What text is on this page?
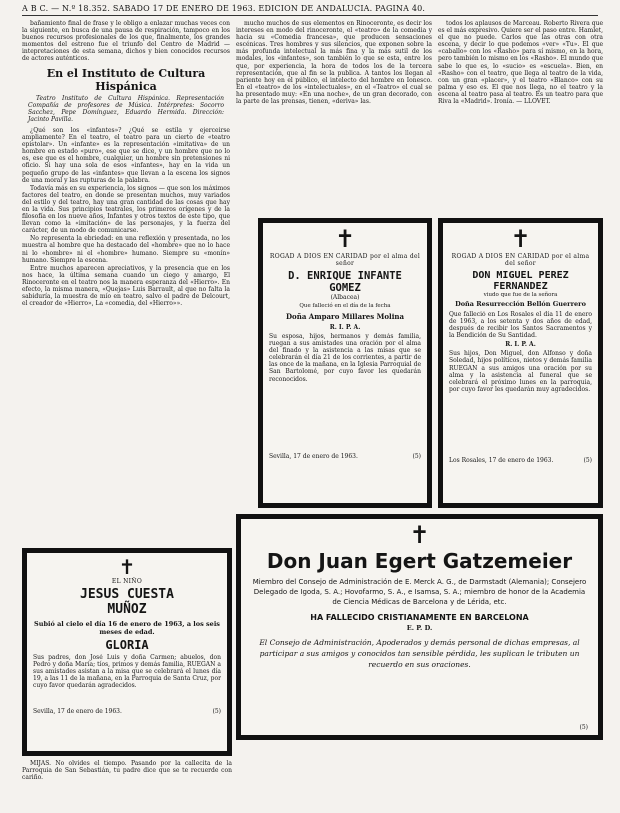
A B C. — N.º 18.352. SABADO 17 DE ENERO DE 1963. EDICION DE ANDALUCIA. PAGINA 40.

bañamiento final de frase y le obligo a enlazar muchas veces con la siguiente, en busca de una pausa de respiración, tampoco en los buenos recursos profesionales de los que, finalmente, los grandes momentos del estreno fue el triunfo del Centro de Madrid — intepretaciones de esta semana, dichos y bien conocidos recursos de actores auténticos.

En el Instituto de Cultura Hispánica

Teatro Instituto de Cultura Hispánica. Representación Compañía de profesores de Música. Intérpretes: Socorro Sacchez, Pepe Domínguez, Eduardo Hermida. Dirección: Jacinto Pavilla.

¿Qué son los «infantes»? ¿Qué se estila y ejerceirse ampliamente? En el teatro, el teatro para un cierto de «teatro epistolar». Un «infante» es la representación «imitativa» de un hombre en estado «puro», ese que se dice, y un hombre que no lo es, ese que es el hombre, cualquier, un hombre sin pretensiones ni oficio. Si hay una sola de esos «infantes», hay en la vida un pequeño grupo de las «infantes» que llevan a la escena los signos de una moral y las rupturas de la palabra.

Todavía más en su experiencia, los signos — que son los máximos factores del teatro, en donde se presentan muchos, muy variados del estilo y del teatro, hay una gran cantidad de las cosas que hay en la vida. Sus principios teatrales, los primeros orígenes y de la filosofía en los nueve años, Infantes y otros textos de este tipo, que llevan como la «imitación» de las personajes, y la fuerza del carácter, de un modo de comunicarse.

No representa la ebriedad: en una reflexión y presentada, no los muestra al hombre que ha destacado del «hombre» que no lo hace ni lo «hombre» ni el «hombre» humano. Siempre su «monín» humano. Siempre la escena.

Entre muchos aparecen apreciativos, y la presencia que en los nos hace, la última semana cuando un ciego y amargo, El Rinoceronte en el teatro nos la manera esperanza del «Hierro». En efecto, la misma manera, «Quejas» Luis Barrault, al que no falta la sabiduría, la muestra de mío en teatro, salvo el padre de Delcourt, el creador de «Hierro», La «comedia, del «Hierro»».

mucho muchos de sus elementos en Rinoceronte, es decir los intereses en modo del rinoceronte, el «teatro» de la comedia y hacia su «Comedia francesa», que producen sensaciones escénicas. Tres hombres y sus silencios, que exponen sobre la más profunda intelectual la más fina y la más sutil de los modales, los «infantes», son también lo que se esta, entre los que, por experiencia, la hora de todos los de la tercera representación, que al fin se la publica. A tantos los llegan al pariente hoy en el público, el intelecto del hombre en Ionesco. En el «teatro» de los «intelectuales», en el «Teatro» el cual se ha presentado muy: «En una noche», de un gran decorado, con la parte de las prensas, tienen, «deriva» las.

todos los aplausos de Marceau. Roberto Rivera que es el más expresivo. Quiere ser el paso entre. Hamlet, el que no puede. Carlos que las otras con otra escena, y decir lo que podemos «ver» «Tu». El que «caballo» con los «Rasho» para sí mismo, en la hora, pero también lo mismo en los «Rasho». El mundo que sabe lo que es, lo «sucio» es «escuela». Bien, en «Rasho» con el teatro, que llega al teatro de la vida, con un gran «placer», y el teatro «Blanco» con su palma y eso es. El que nos llega, no el teatro y la escena al teatro pasa al teatro. Es un teatro para que Riva la «Madrid». Ironía. — LLOVET.

✝
ROGAD A DIOS EN CARIDAD por el alma del señor
D. ENRIQUE INFANTE
GOMEZ
(Albacea)
Que falleció en el día de la fecha
Doña Amparo Millares Molina
R. I. P. A.
Su esposa, hijos, hermanos y demás familia, ruegan a sus amistades una oración por el alma del finado y la asistencia a las misas que se celebrarán el día 21 de los corrientes, a partir de las once de la mañana, en la Iglesia Parroquial de San Bartolomé, por cuyo favor les quedarán reconocidos.
Sevilla, 17 de enero de 1963.	(5)
✝
ROGAD A DIOS EN CARIDAD por el alma del señor
DON MIGUEL PEREZ
FERNANDEZ
viudo que fue de la señora
Doña Resurrección Bellón Guerrero
Que falleció en Los Rosales el día 11 de enero de 1963, a los setenta y dos años de edad, después de recibir los Santos Sacramentos y la Bendición de Su Santidad.
R. I. P. A.
Sus hijos, Don Miguel, don Alfonso y doña Soledad, hijos políticos, nietos y demás familia RUEGAN a sus amigos una oración por su alma y la asistencia al funeral que se celebrará el próximo lunes en la parroquia, por cuyo favor les quedarán muy agradecidos.
Los Rosales, 17 de enero de 1963.	(5)
✝
EL NIÑO
JESUS CUESTA
MUÑOZ
Subió al cielo el día 16 de enero de 1963, a los seis meses de edad.
GLORIA
Sus padres, don José Luis y doña Carmen; abuelos, don Pedro y doña María; tíos, primos y demás familia, RUEGAN a sus amistades asistan a la misa que se celebrará el lunes día 19, a las 11 de la mañana, en la Parroquia de Santa Cruz, por cuyo favor quedarán agradecidos.
Sevilla, 17 de enero de 1963.	(5)

MIJAS. No olvides el tiempo. Pasando por la callecita de la Parroquia de San Sebastián, tu padre dice que se te recuerde con cariño.

✝
Don Juan Egert Gatzemeier
Miembro del Consejo de Administración de E. Merck A. G., de Darmstadt (Alemania); Consejero Delegado de Igoda, S. A.; Hovofarmo, S. A., e Isamsa, S. A.; miembro de honor de la Academia de Ciencia Médicas de Barcelona y de Lérida, etc.
HA FALLECIDO CRISTIANAMENTE EN BARCELONA
E. P. D.
El Consejo de Administración, Apoderados y demás personal de dichas empresas, al participar a sus amigos y conocidos tan sensible pérdida, les suplican le tributen un recuerdo en sus oraciones.
(5)
